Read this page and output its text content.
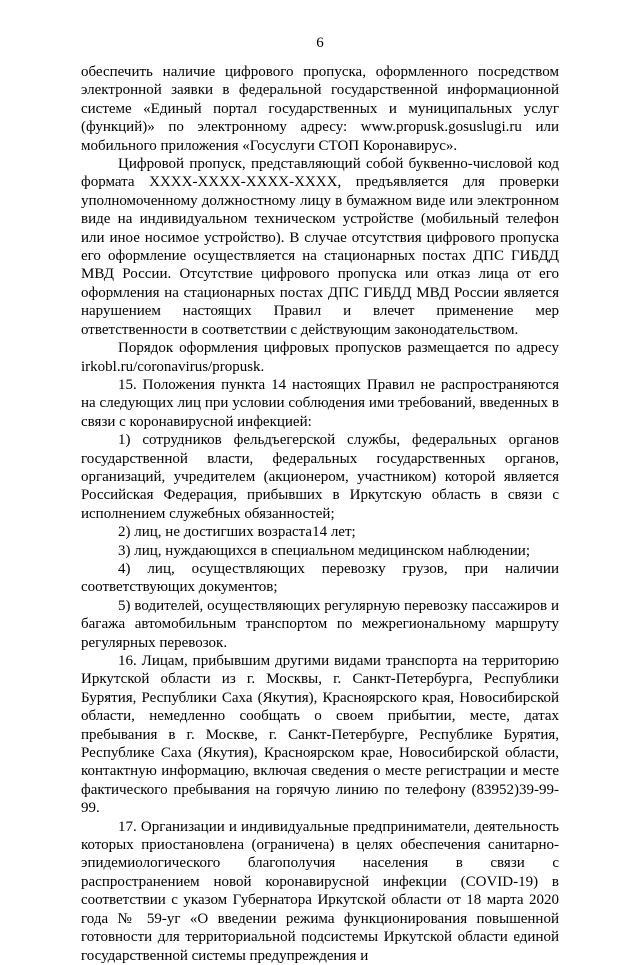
6

обеспечить наличие цифрового пропуска, оформленного посредством электронной заявки в федеральной государственной информационной системе «Единый портал государственных и муниципальных услуг (функций)» по электронному адресу: www.propusk.gosuslugi.ru или мобильного приложения «Госуслуги СТОП Коронавирус».

Цифровой пропуск, представляющий собой буквенно-числовой код формата XXXX-XXXX-XXXX-XXXX, предъявляется для проверки уполномоченному должностному лицу в бумажном виде или электронном виде на индивидуальном техническом устройстве (мобильный телефон или иное носимое устройство). В случае отсутствия цифрового пропуска его оформление осуществляется на стационарных постах ДПС ГИБДД МВД России. Отсутствие цифрового пропуска или отказ лица от его оформления на стационарных постах ДПС ГИБДД МВД России является нарушением настоящих Правил и влечет применение мер ответственности в соответствии с действующим законодательством.

Порядок оформления цифровых пропусков размещается по адресу irkobl.ru/coronavirus/propusk.

15. Положения пункта 14 настоящих Правил не распространяются на следующих лиц при условии соблюдения ими требований, введенных в связи с коронавирусной инфекцией:

1) сотрудников фельдъегерской службы, федеральных органов государственной власти, федеральных государственных органов, организаций, учредителем (акционером, участником) которой является Российская Федерация, прибывших в Иркутскую область в связи с исполнением служебных обязанностей;

2) лиц, не достигших возраста14 лет;

3) лиц, нуждающихся в специальном медицинском наблюдении;

4) лиц, осуществляющих перевозку грузов, при наличии соответствующих документов;

5) водителей, осуществляющих регулярную перевозку пассажиров и багажа автомобильным транспортом по межрегиональному маршруту регулярных перевозок.

16. Лицам, прибывшим другими видами транспорта на территорию Иркутской области из г. Москвы, г. Санкт-Петербурга, Республики Бурятия, Республики Саха (Якутия), Красноярского края, Новосибирской области, немедленно сообщать о своем прибытии, месте, датах пребывания в г. Москве, г. Санкт-Петербурге, Республике Бурятия, Республике Саха (Якутия), Красноярском крае, Новосибирской области, контактную информацию, включая сведения о месте регистрации и месте фактического пребывания на горячую линию по телефону (83952)39-99-99.

17. Организации и индивидуальные предприниматели, деятельность которых приостановлена (ограничена) в целях обеспечения санитарно-эпидемиологического благополучия населения в связи с распространением новой коронавирусной инфекции (COVID-19) в соответствии с указом Губернатора Иркутской области от 18 марта 2020 года № 59-уг «О введении режима функционирования повышенной готовности для территориальной подсистемы Иркутской области единой государственной системы предупреждения и
